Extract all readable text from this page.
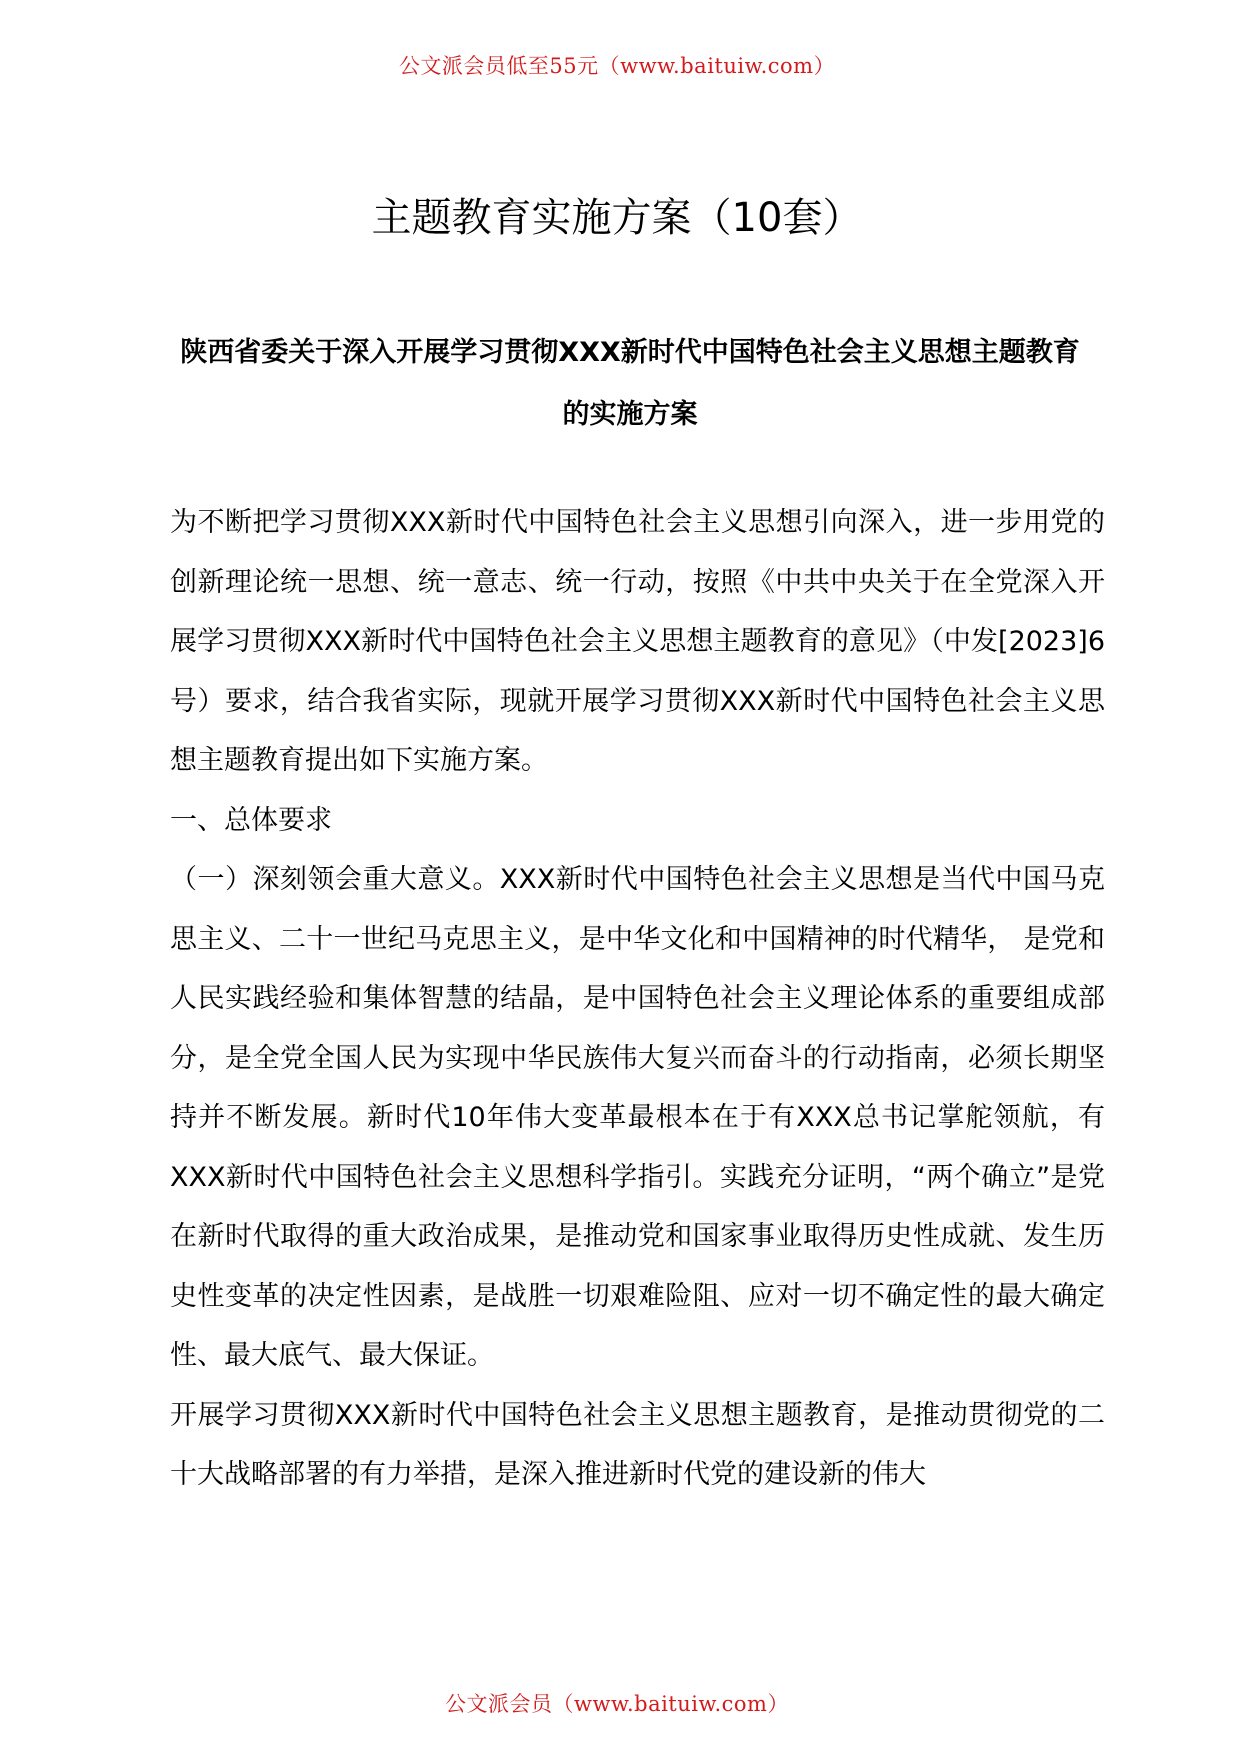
公文派会员低至55元（www.baituiw.com）
主题教育实施方案（10套）
陕西省委关于深入开展学习贯彻XXX新时代中国特色社会主义思想主题教育的实施方案

为不断把学习贯彻XXX新时代中国特色社会主义思想引向深入，进一步用党的创新理论统一思想、统一意志、统一行动，按照《中共中央关于在全党深入开展学习贯彻XXX新时代中国特色社会主义思想主题教育的意见》（中发[2023]6号）要求，结合我省实际，现就开展学习贯彻XXX新时代中国特色社会主义思想主题教育提出如下实施方案。

一、总体要求

（一）深刻领会重大意义。XXX新时代中国特色社会主义思想是当代中国马克思主义、二十一世纪马克思主义，是中华文化和中国精神的时代精华， 是党和人民实践经验和集体智慧的结晶，是中国特色社会主义理论体系的重要组成部分，是全党全国人民为实现中华民族伟大复兴而奋斗的行动指南，必须长期坚持并不断发展。新时代10年伟大变革最根本在于有XXX总书记掌舵领航，有XXX新时代中国特色社会主义思想科学指引。实践充分证明，“两个确立”是党在新时代取得的重大政治成果，是推动党和国家事业取得历史性成就、发生历史性变革的决定性因素，是战胜一切艰难险阻、应对一切不确定性的最大确定性、最大底气、最大保证。

开展学习贯彻XXX新时代中国特色社会主义思想主题教育，是推动贯彻党的二十大战略部署的有力举措，是深入推进新时代党的建设新的伟大

公文派会员（www.baituiw.com）
